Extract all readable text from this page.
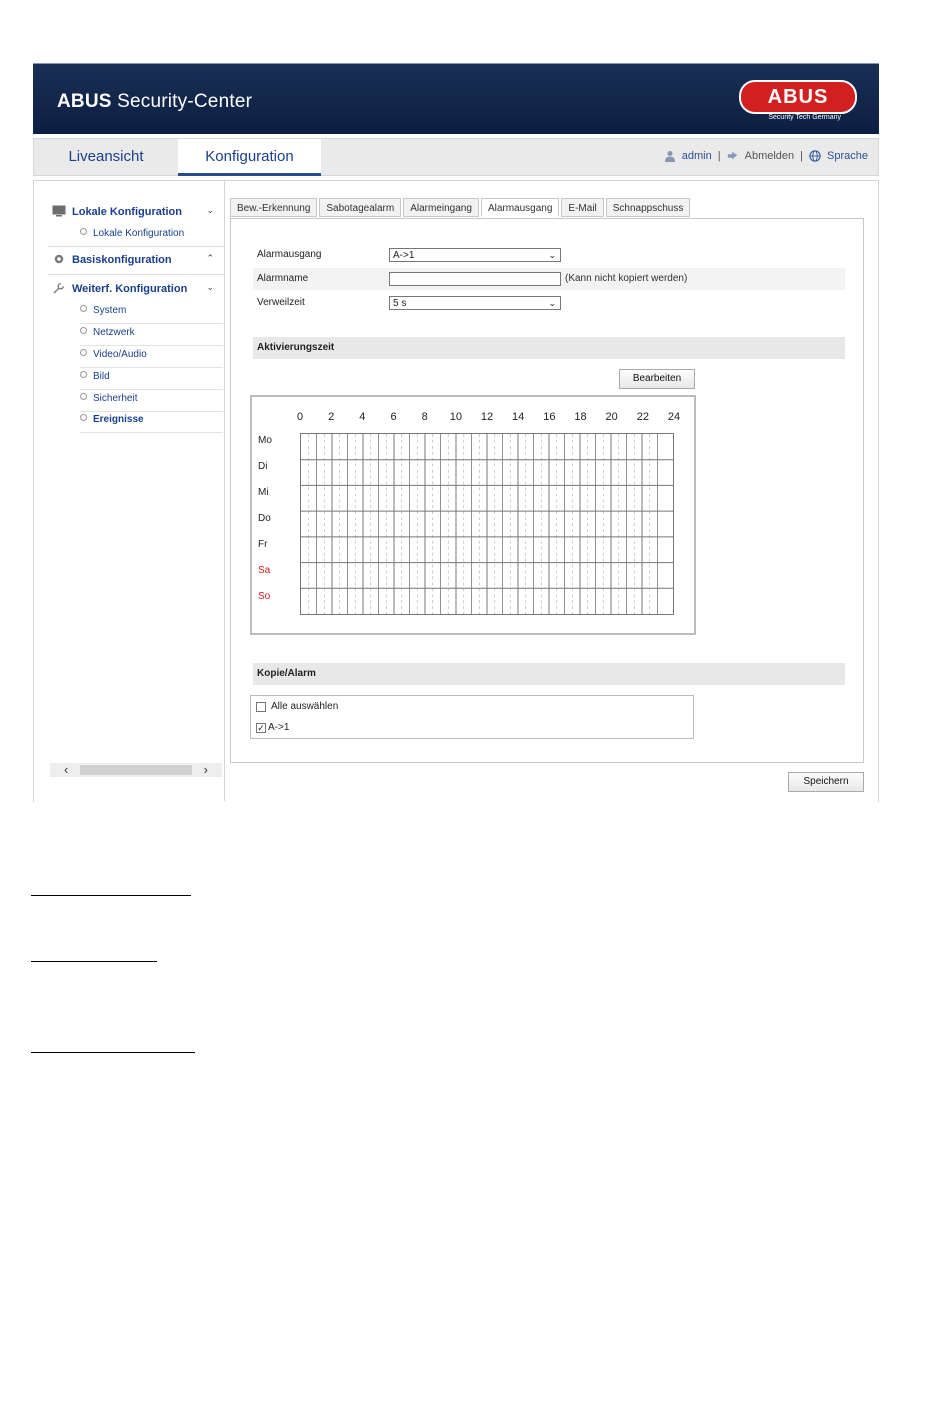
ABUS Security-Center	ABUS
Security Tech Germany
Liveansicht	Konfiguration	admin | Abmelden | Sprache
Lokale Konfiguration	⌄
Lokale Konfiguration
Basiskonfiguration	⌃
Weiterf. Konfiguration ⌄
System
Netzwerk
Video/Audio
Bild
Sicherheit
Ereignisse
‹	›
Bew.-Erkennung	Sabotagealarm	Alarmeingang	Alarmausgang	E-Mail	Schnappschuss
Alarmausgang	A->1	⌄
Alarmname	(Kann nicht kopiert werden)
Verweilzeit	5 s	⌄
Aktivierungszeit
Bearbeiten
0 2 4 6 8 10 12 14 16 18 20 22 24
Mo
Di
Mi
Do
Fr
Sa
So
Kopie/Alarm
Alle auswählen
✓ A->1
Speichern
